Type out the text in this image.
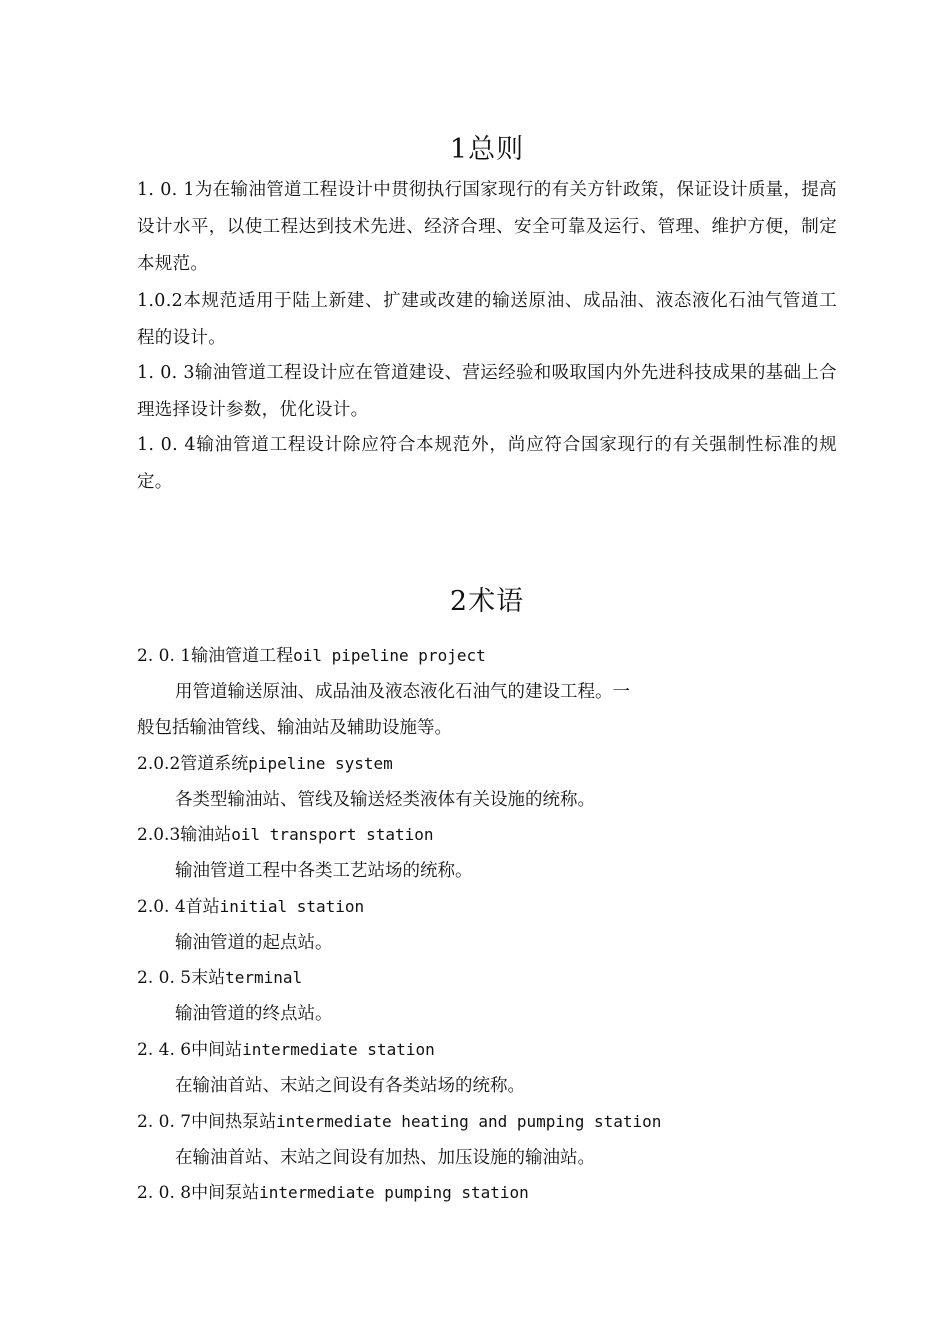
1总则
1. 0. 1为在输油管道工程设计中贯彻执行国家现行的有关方针政策，保证设计质量，提高设计水平，以使工程达到技术先进、经济合理、安全可靠及运行、管理、维护方便，制定本规范。
1.0.2本规范适用于陆上新建、扩建或改建的输送原油、成品油、液态液化石油气管道工程的设计。
1. 0. 3输油管道工程设计应在管道建设、营运经验和吸取国内外先进科技成果的基础上合理选择设计参数，优化设计。
1. 0. 4输油管道工程设计除应符合本规范外，尚应符合国家现行的有关强制性标准的规定。
2术语
2. 0. 1输油管道工程oil pipeline project
用管道输送原油、成品油及液态液化石油气的建设工程。一
般包括输油管线、输油站及辅助设施等。
2.0.2管道系统pipeline system
各类型输油站、管线及输送烃类液体有关设施的统称。
2.0.3输油站oil transport station
输油管道工程中各类工艺站场的统称。
2.0. 4首站initial station
输油管道的起点站。
2. 0. 5末站terminal
输油管道的终点站。
2. 4. 6中间站intermediate station
在输油首站、末站之间设有各类站场的统称。
2. 0. 7中间热泵站intermediate heating and pumping station
在输油首站、末站之间设有加热、加压设施的输油站。
2. 0. 8中间泵站intermediate pumping station
